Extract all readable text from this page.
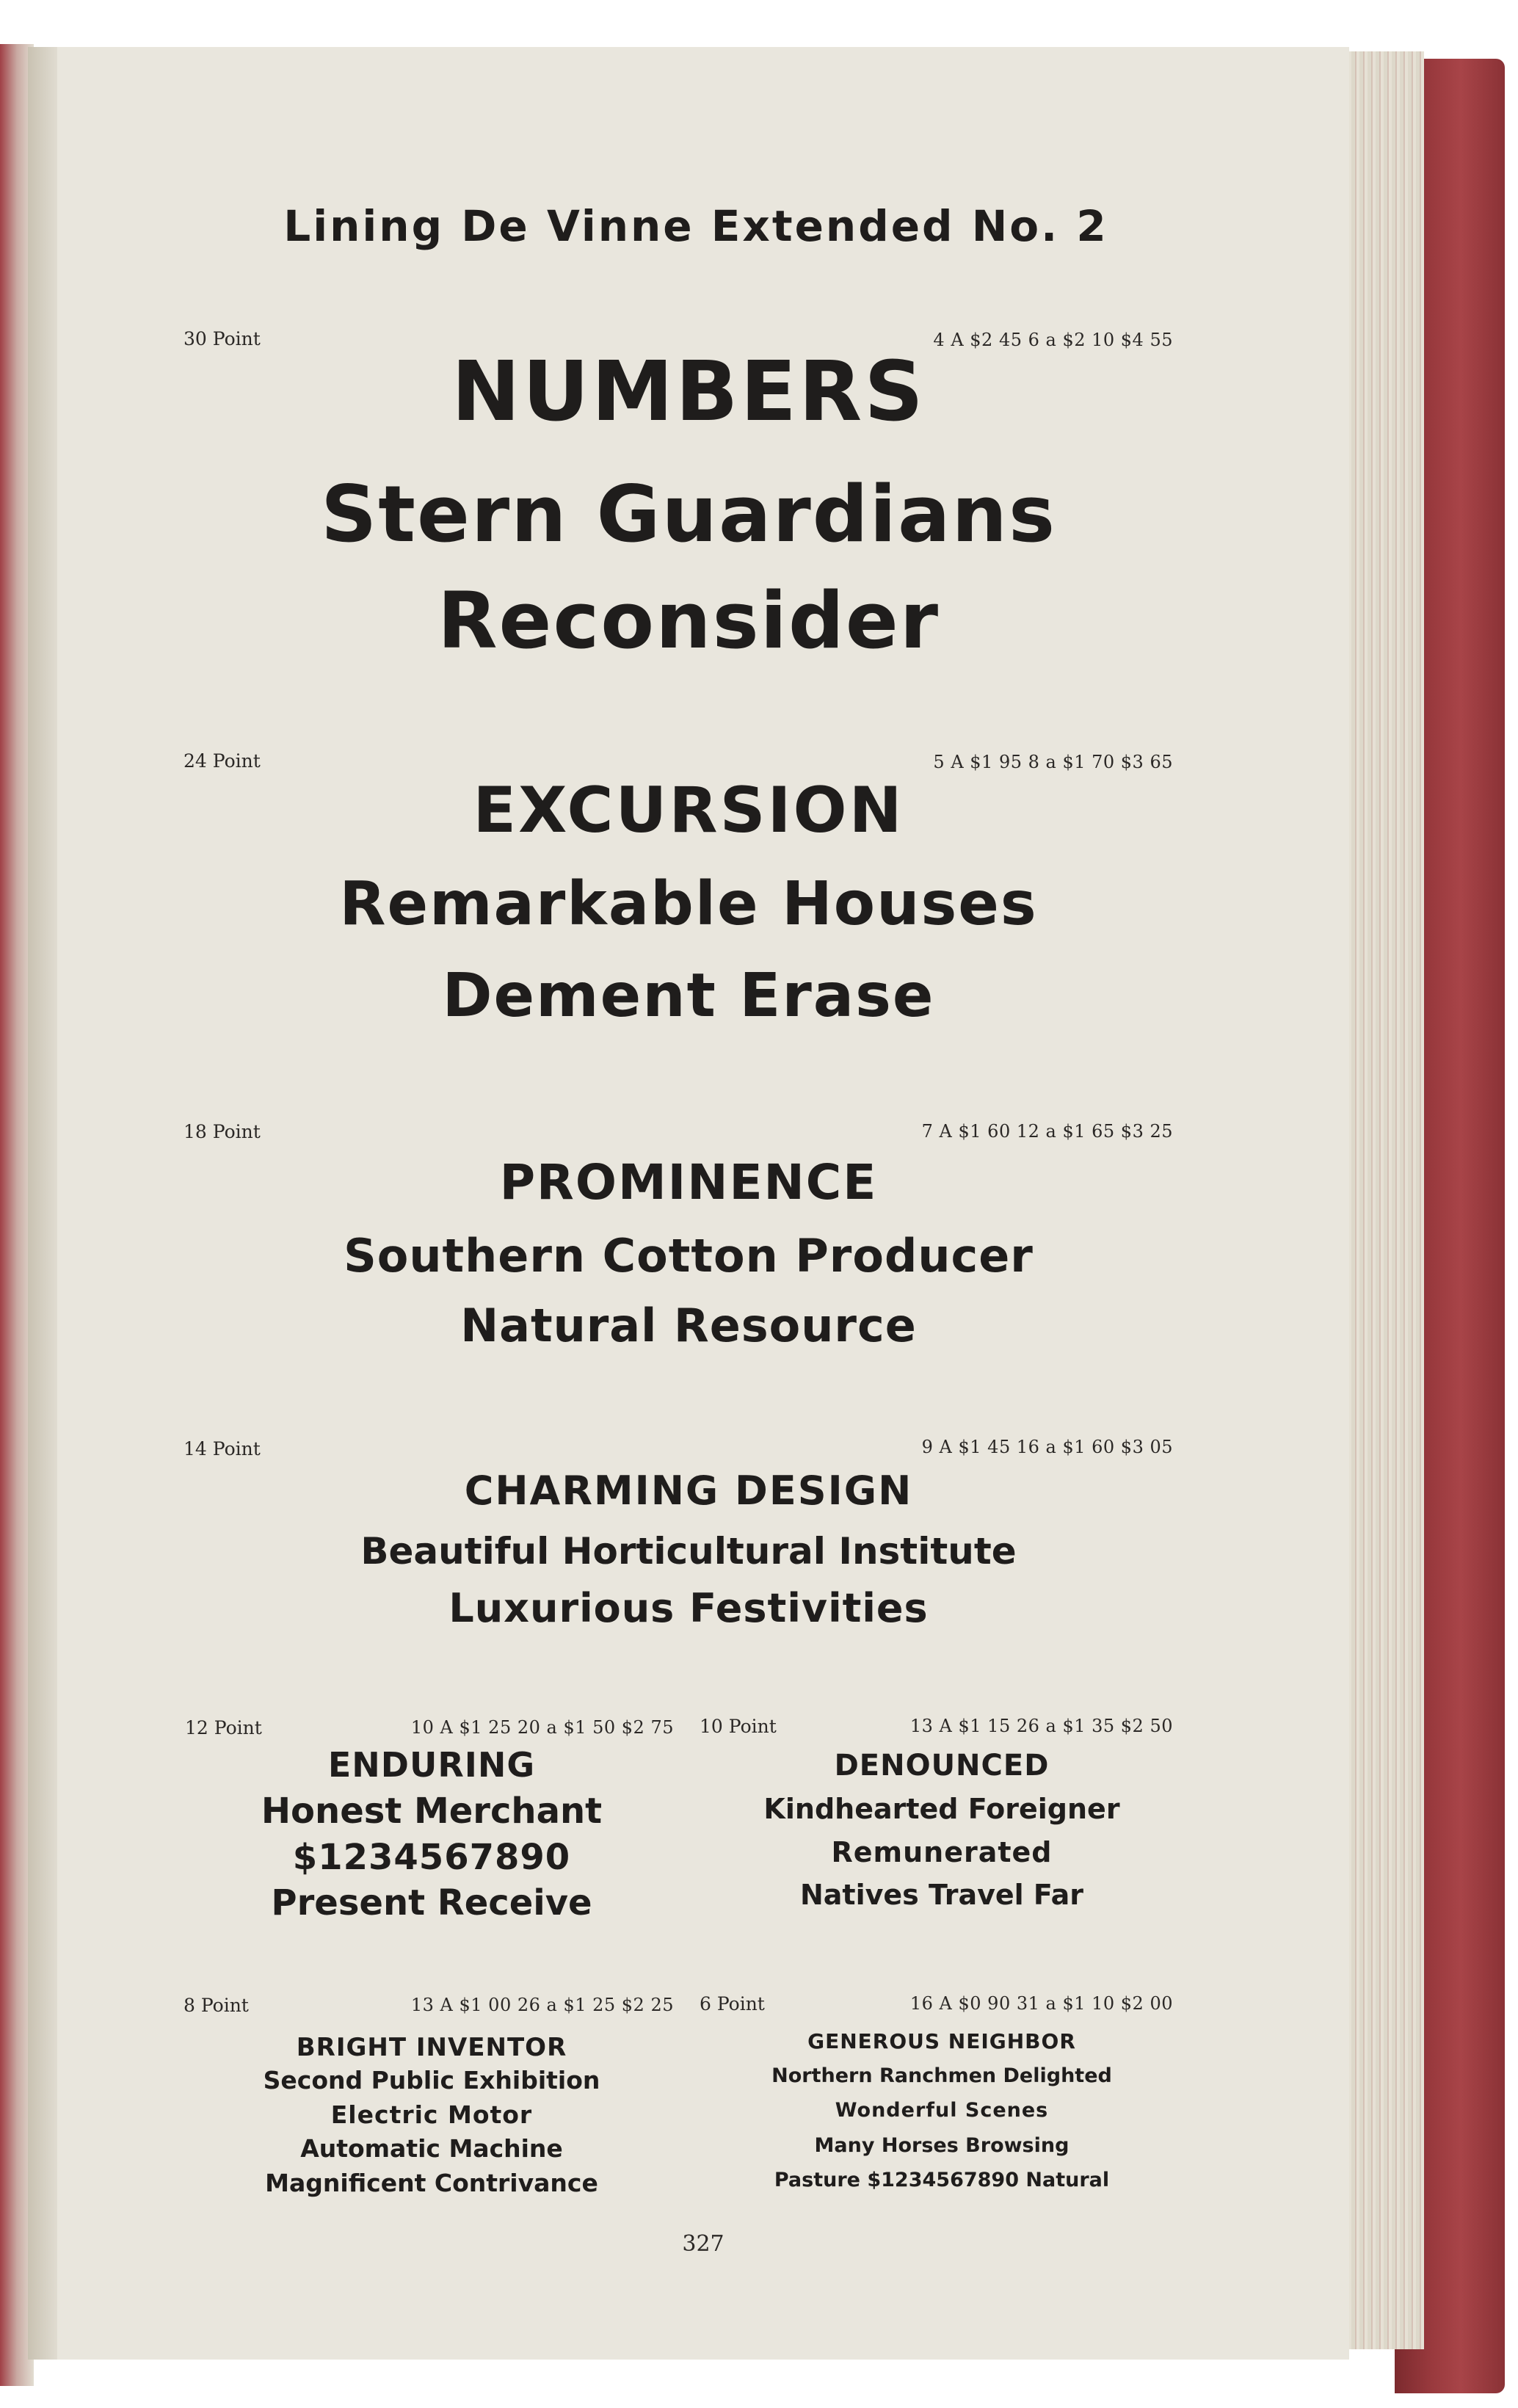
Lining De Vinne Extended No. 2
30 Point	4 A $2 45 6 a $2 10 $4 55
NUMBERS
Stern Guardians
Reconsider
24 Point	5 A $1 95 8 a $1 70 $3 65
EXCURSION
Remarkable Houses
Dement Erase
18 Point	7 A $1 60 12 a $1 65 $3 25
PROMINENCE
Southern Cotton Producer
Natural Resource
14 Point	9 A $1 45 16 a $1 60 $3 05
CHARMING DESIGN
Beautiful Horticultural Institute
Luxurious Festivities
12 Point	10 A $1 25 20 a $1 50 $2 75
ENDURING
Honest Merchant
$1234567890
Present Receive
10 Point	13 A $1 15 26 a $1 35 $2 50
DENOUNCED
Kindhearted Foreigner
Remunerated
Natives Travel Far
8 Point	13 A $1 00 26 a $1 25 $2 25
BRIGHT INVENTOR
Second Public Exhibition
Electric Motor
Automatic Machine
Magnificent Contrivance
6 Point	16 A $0 90 31 a $1 10 $2 00
GENEROUS NEIGHBOR
Northern Ranchmen Delighted
Wonderful Scenes
Many Horses Browsing
Pasture $1234567890 Natural
327
